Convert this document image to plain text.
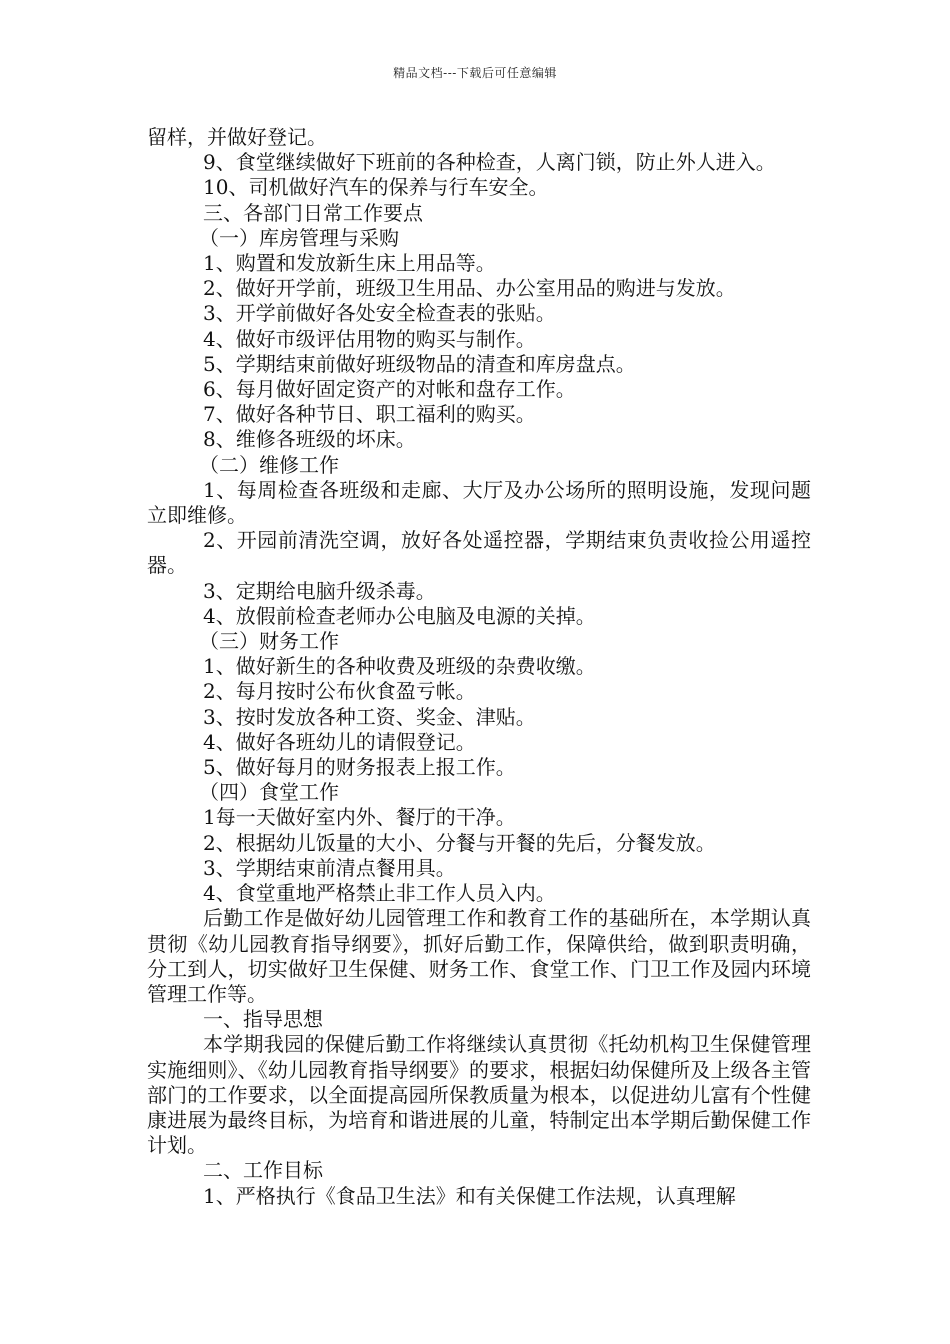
精品文档---下载后可任意编辑

留样，并做好登记。

9、食堂继续做好下班前的各种检查，人离门锁，防止外人进入。

10、司机做好汽车的保养与行车安全。

三、各部门日常工作要点

（一）库房管理与采购

1、购置和发放新生床上用品等。

2、做好开学前，班级卫生用品、办公室用品的购进与发放。

3、开学前做好各处安全检查表的张贴。

4、做好市级评估用物的购买与制作。

5、学期结束前做好班级物品的清查和库房盘点。

6、每月做好固定资产的对帐和盘存工作。

7、做好各种节日、职工福利的购买。

8、维修各班级的坏床。

（二）维修工作

1、每周检查各班级和走廊、大厅及办公场所的照明设施，发现问题立即维修。

2、开园前清洗空调，放好各处遥控器，学期结束负责收捡公用遥控器。

3、定期给电脑升级杀毒。

4、放假前检查老师办公电脑及电源的关掉。

（三）财务工作

1、做好新生的各种收费及班级的杂费收缴。

2、每月按时公布伙食盈亏帐。

3、按时发放各种工资、奖金、津贴。

4、做好各班幼儿的请假登记。

5、做好每月的财务报表上报工作。

（四）食堂工作

1每一天做好室内外、餐厅的干净。

2、根据幼儿饭量的大小、分餐与开餐的先后，分餐发放。

3、学期结束前清点餐用具。

4、食堂重地严格禁止非工作人员入内。

后勤工作是做好幼儿园管理工作和教育工作的基础所在，本学期认真贯彻《幼儿园教育指导纲要》，抓好后勤工作，保障供给，做到职责明确，分工到人，切实做好卫生保健、财务工作、食堂工作、门卫工作及园内环境管理工作等。

一、指导思想

本学期我园的保健后勤工作将继续认真贯彻《托幼机构卫生保健管理实施细则》、《幼儿园教育指导纲要》的要求，根据妇幼保健所及上级各主管部门的工作要求，以全面提高园所保教质量为根本，以促进幼儿富有个性健康进展为最终目标，为培育和谐进展的儿童，特制定出本学期后勤保健工作计划。

二、工作目标

1、严格执行《食品卫生法》和有关保健工作法规，认真理解
